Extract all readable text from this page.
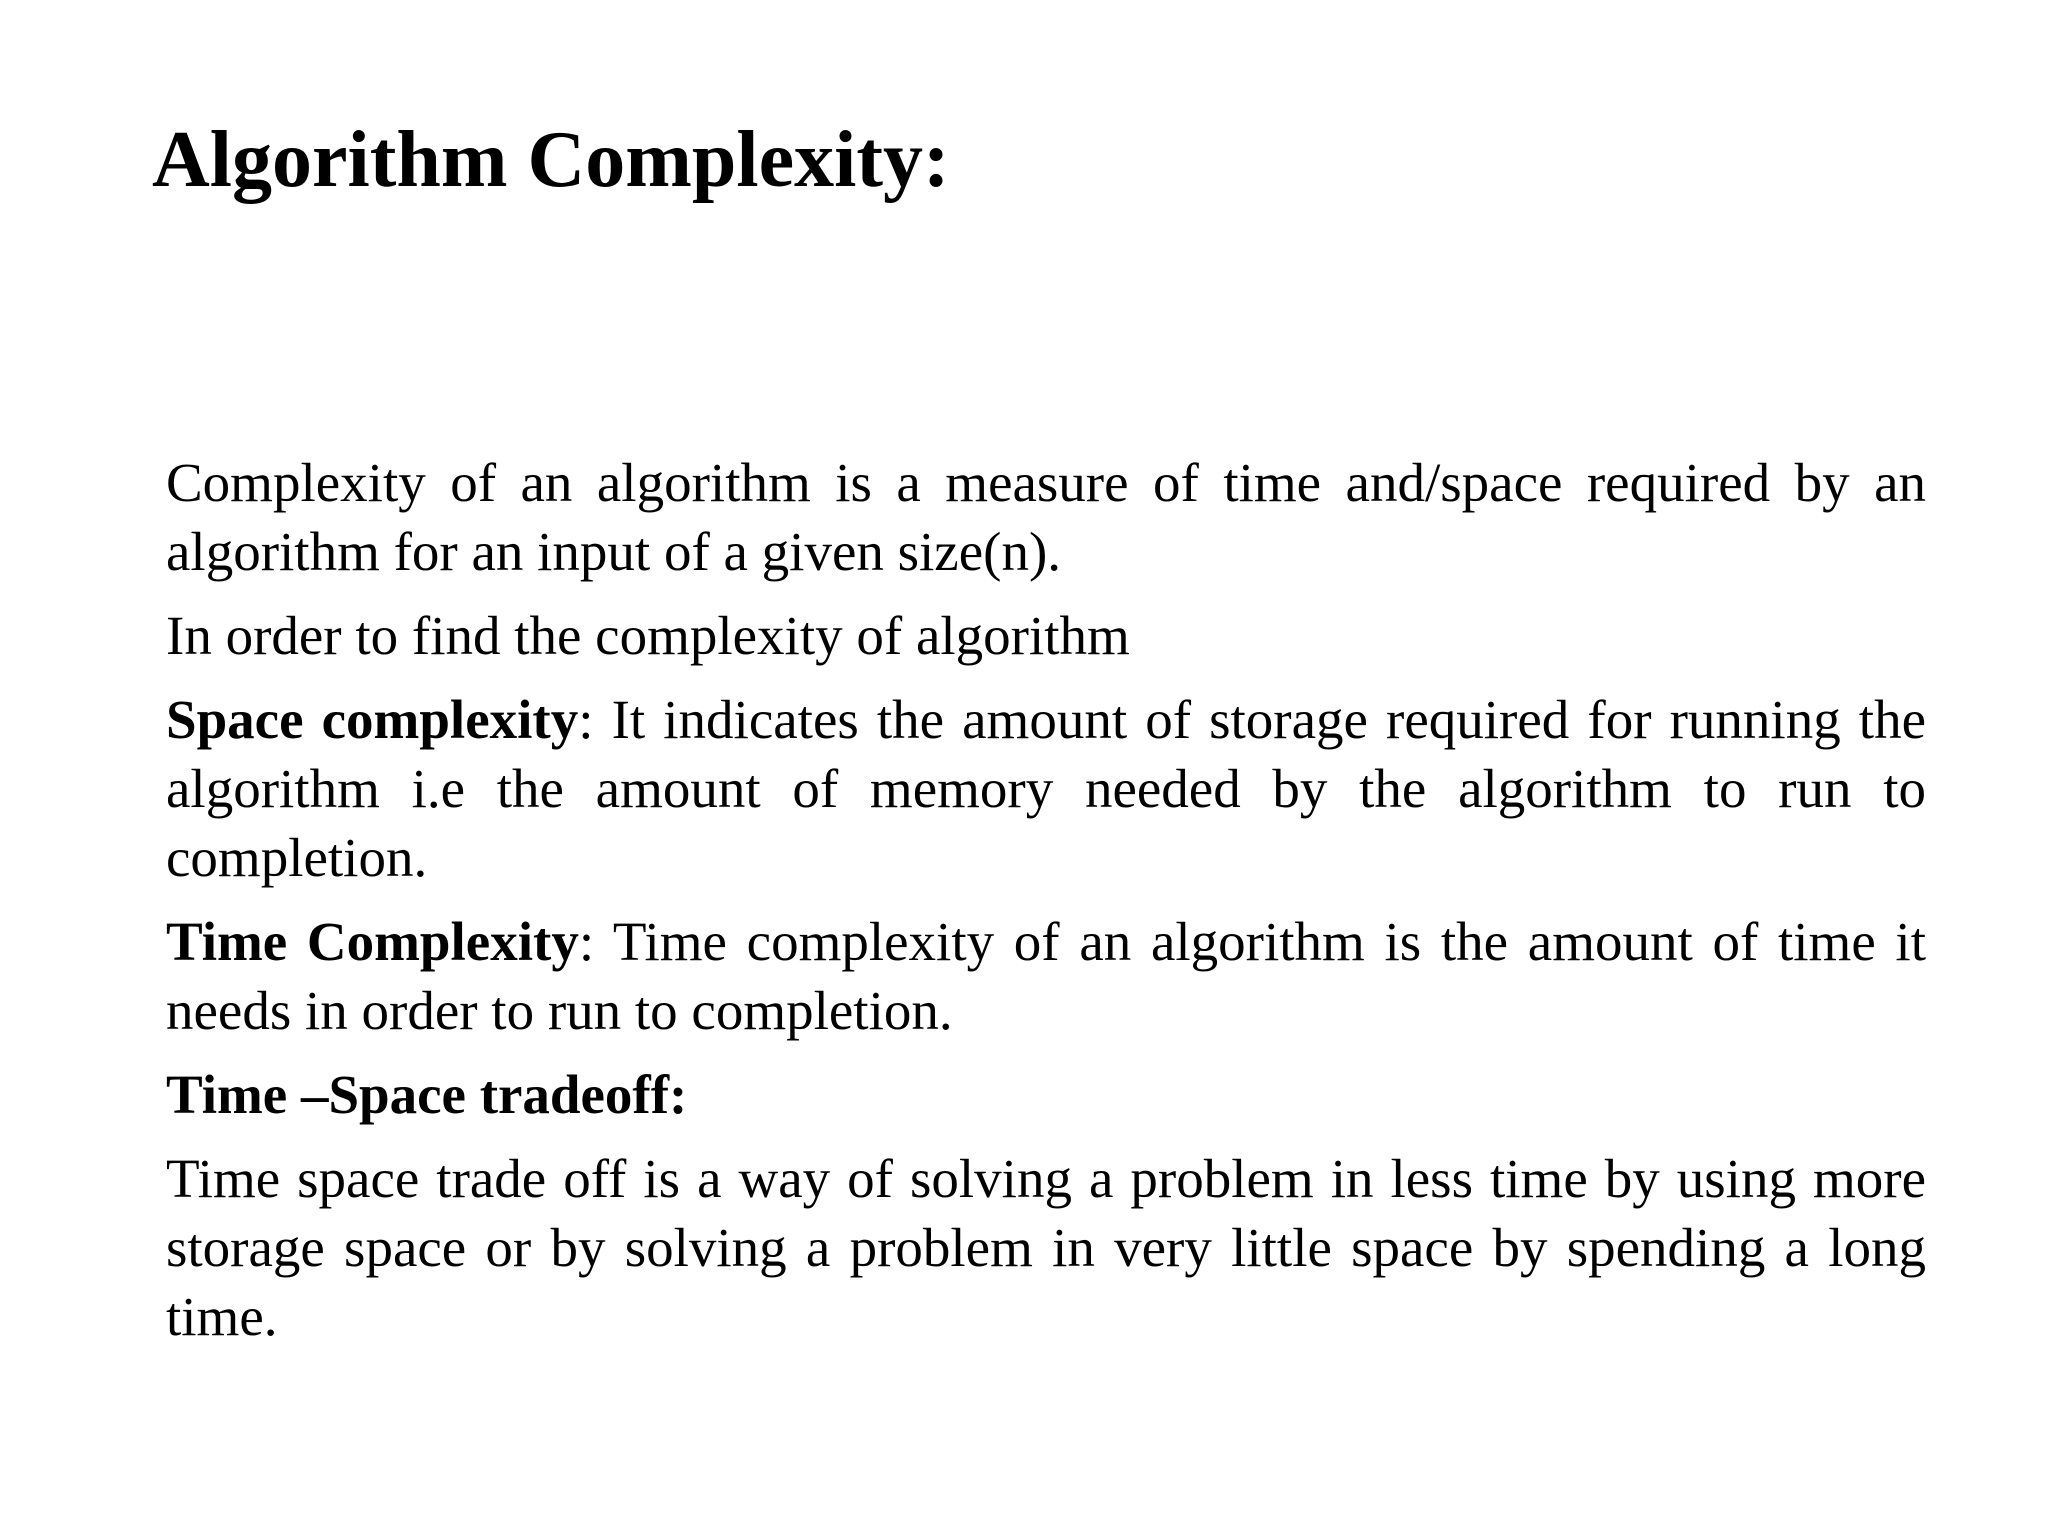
Algorithm Complexity:

Complexity of an algorithm is a measure of time and/space required by an algorithm for an input of a given size(n).

In order to find the complexity of algorithm

Space complexity: It indicates the amount of storage required for running the algorithm i.e the amount of memory needed by the algorithm to run to completion.

Time Complexity: Time complexity of an algorithm is the amount of time it needs in order to run to completion.

Time –Space tradeoff:

Time space trade off is a way of solving a problem in less time by using more storage space or by solving a problem in very little space by spending a long time.
